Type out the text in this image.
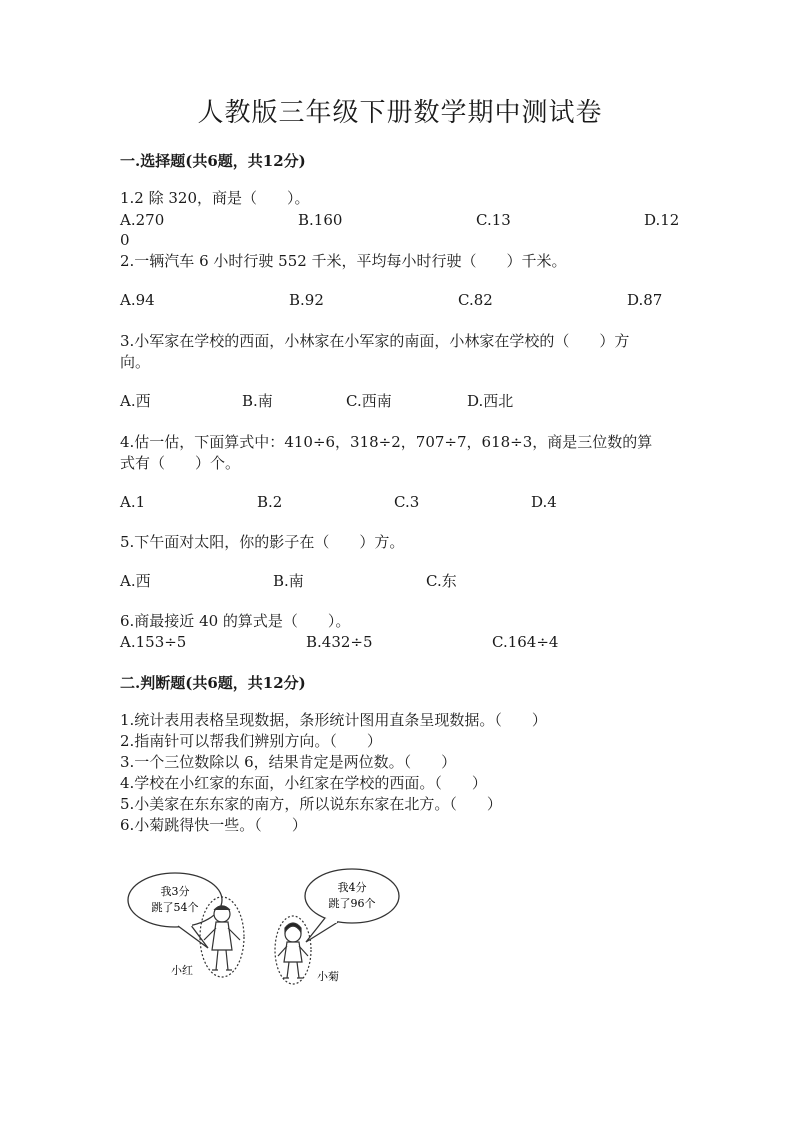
人教版三年级下册数学期中测试卷
一.选择题(共6题，共12分)
1.2 除 320，商是（　　）。
A.270	B.160	C.13	D.12
0
2.一辆汽车 6 小时行驶 552 千米，平均每小时行驶（　　）千米。
A.94	B.92	C.82	D.87
3.小军家在学校的西面，小林家在小军家的南面，小林家在学校的（　　）方
向。
A.西	B.南	C.西南	D.西北
4.估一估，下面算式中：410÷6，318÷2，707÷7，618÷3，商是三位数的算
式有（　　）个。
A.1	B.2	C.3	D.4
5.下午面对太阳，你的影子在（　　）方。
A.西	B.南	C.东
6.商最接近 40 的算式是（　　）。
A.153÷5	B.432÷5	C.164÷4
二.判断题(共6题，共12分)
1.统计表用表格呈现数据，条形统计图用直条呈现数据。（　　）
2.指南针可以帮我们辨别方向。（　　）
3.一个三位数除以 6，结果肯定是两位数。（　　）
4.学校在小红家的东面，小红家在学校的西面。（　　）
5.小美家在东东家的南方，所以说东东家在北方。（　　）
6.小菊跳得快一些。（　　）
我3分
跳了54个
我4分
跳了96个
小红	小菊
